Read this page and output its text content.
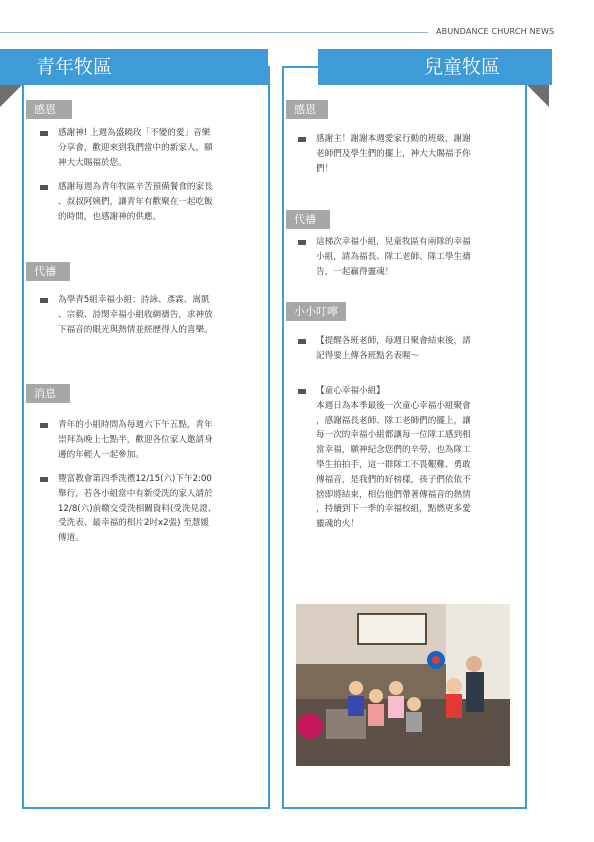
ABUNDANCE CHURCH NEWS
青年牧區	兒童牧區
感恩
感謝神! 上週為盛曉玫「不變的愛」音樂
分享會，歡迎來到我們當中的新家人，願
神大大賜福於您。
感謝每週為青年牧區辛苦預備餐食的家長
、叔叔阿姨們，讓青年有歡聚在一起吃飯
的時間，也感謝神的供應。
代禱
為學青5組幸福小組：詩詠、彥霖、嵩凱
、宗毅、詩閔幸福小組收網禱告，求神放
下福音的眼光與熱情並經歷得人的喜樂。
消息
青年的小組時間為每週六下午五點，青年
崇拜為晚上七點半，歡迎各位家人邀請身
邊的年輕人一起參加。
豐富教會第四季洗禮12/15(六)下午2:00
舉行，若各小組當中有新受洗的家人請於
12/8(六)前繳交受洗相關資料(受洗見證、
受洗表、最幸福的相片2吋x2張) 至慧媛
傳道。
感恩
感謝主！謝謝本週愛家行動的班級，謝謝
老師們及學生們的擺上，神大大賜福予你
們！
代禱
這梯次幸福小組，兒童牧區有兩隊的幸福
小組，請為福長、隊工老師、隊工學生禱
告，一起贏得靈魂！
小小叮嚀
【提醒各班老師，每週日聚會結束後，請
記得要上傳各班點名表喔～
【童心幸福小組】
本週日為本季最後一次童心幸福小組聚會
，感謝福長老師、隊工老師們的擺上，讓
每一次的幸福小組都讓每一位隊工感到相
當幸福，願神紀念您們的辛勞，也為隊工
學生拍拍手，這一群隊工不畏艱難、勇敢
傳福音，是我們的好榜樣，孩子們依依不
捨即將結束，相信他們帶著傳福音的熱情
，持續到下一季的幸福校組，點燃更多愛
靈魂的火！
